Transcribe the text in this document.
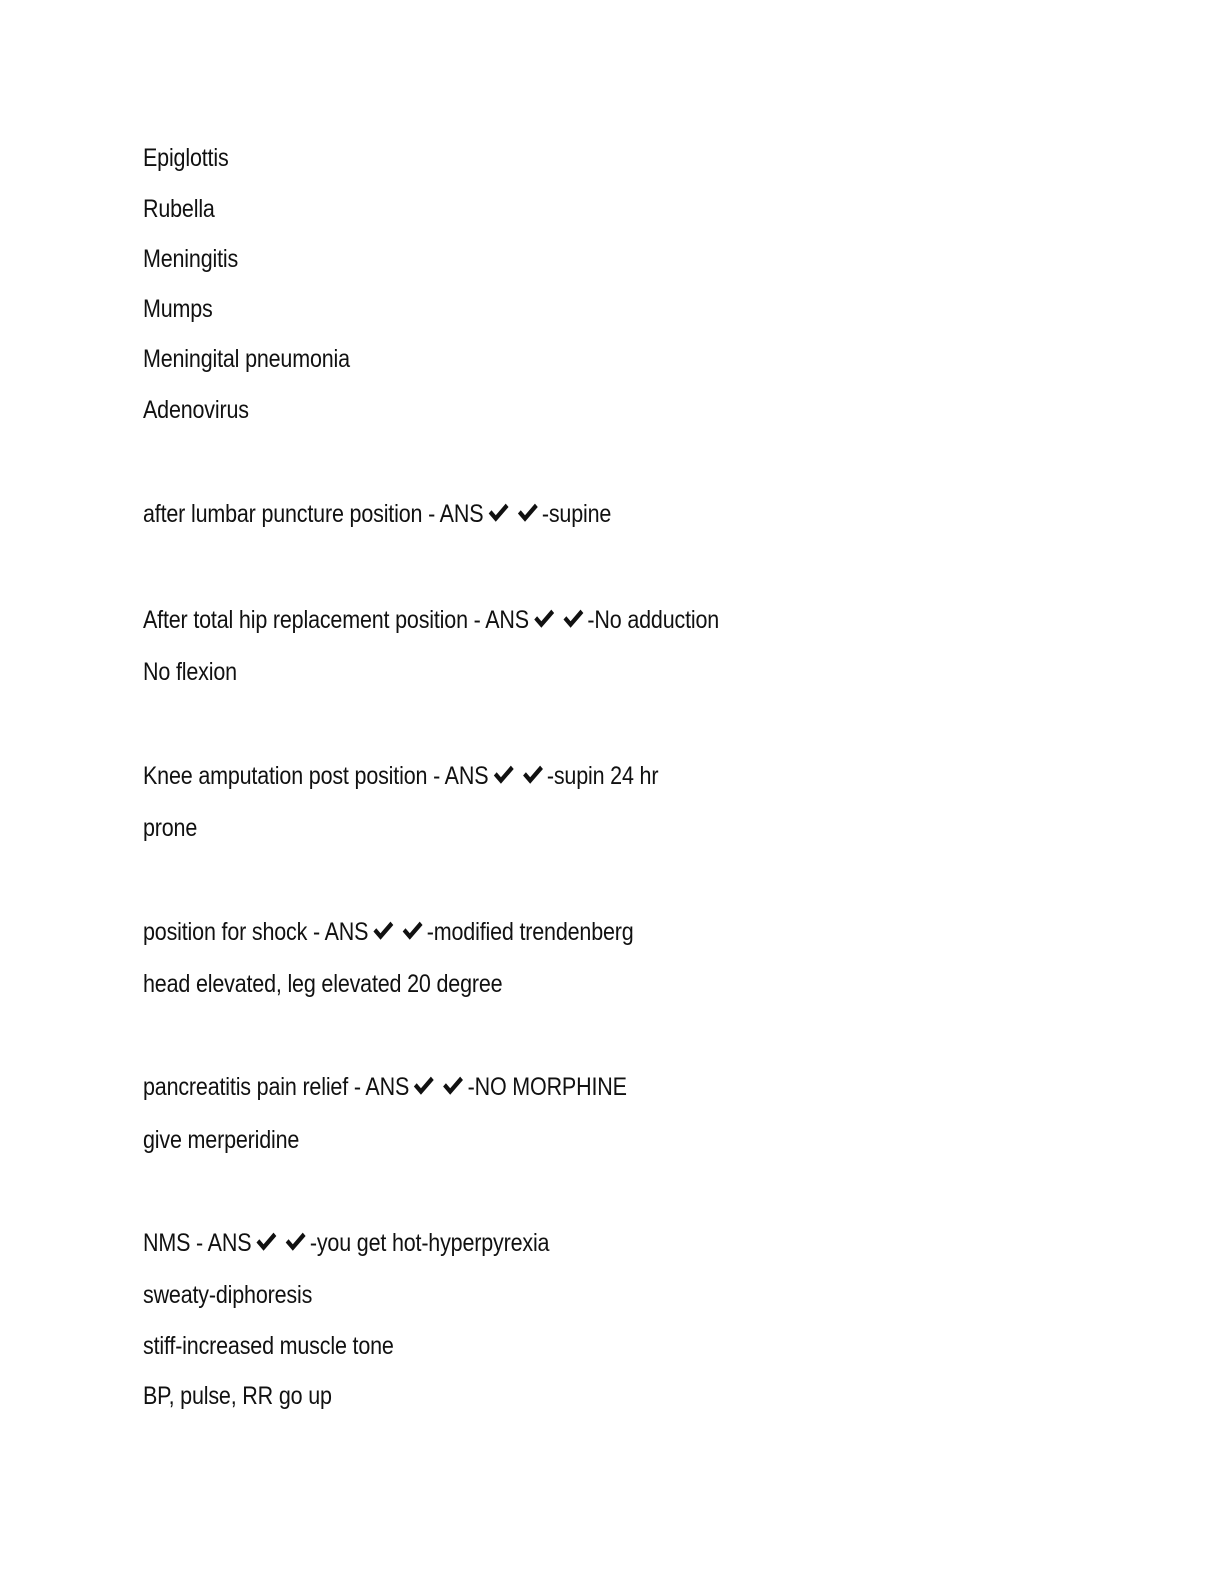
Epiglottis
Rubella
Meningitis
Mumps
Meningital pneumonia
Adenovirus
after lumbar puncture position - ANS -supine
After total hip replacement position - ANS -No adduction
No flexion
Knee amputation post position - ANS -supin 24 hr
prone
position for shock - ANS -modified trendenberg
head elevated, leg elevated 20 degree
pancreatitis pain relief - ANS -NO MORPHINE
give merperidine
NMS - ANS -you get hot-hyperpyrexia
sweaty-diphoresis
stiff-increased muscle tone
BP, pulse, RR go up
